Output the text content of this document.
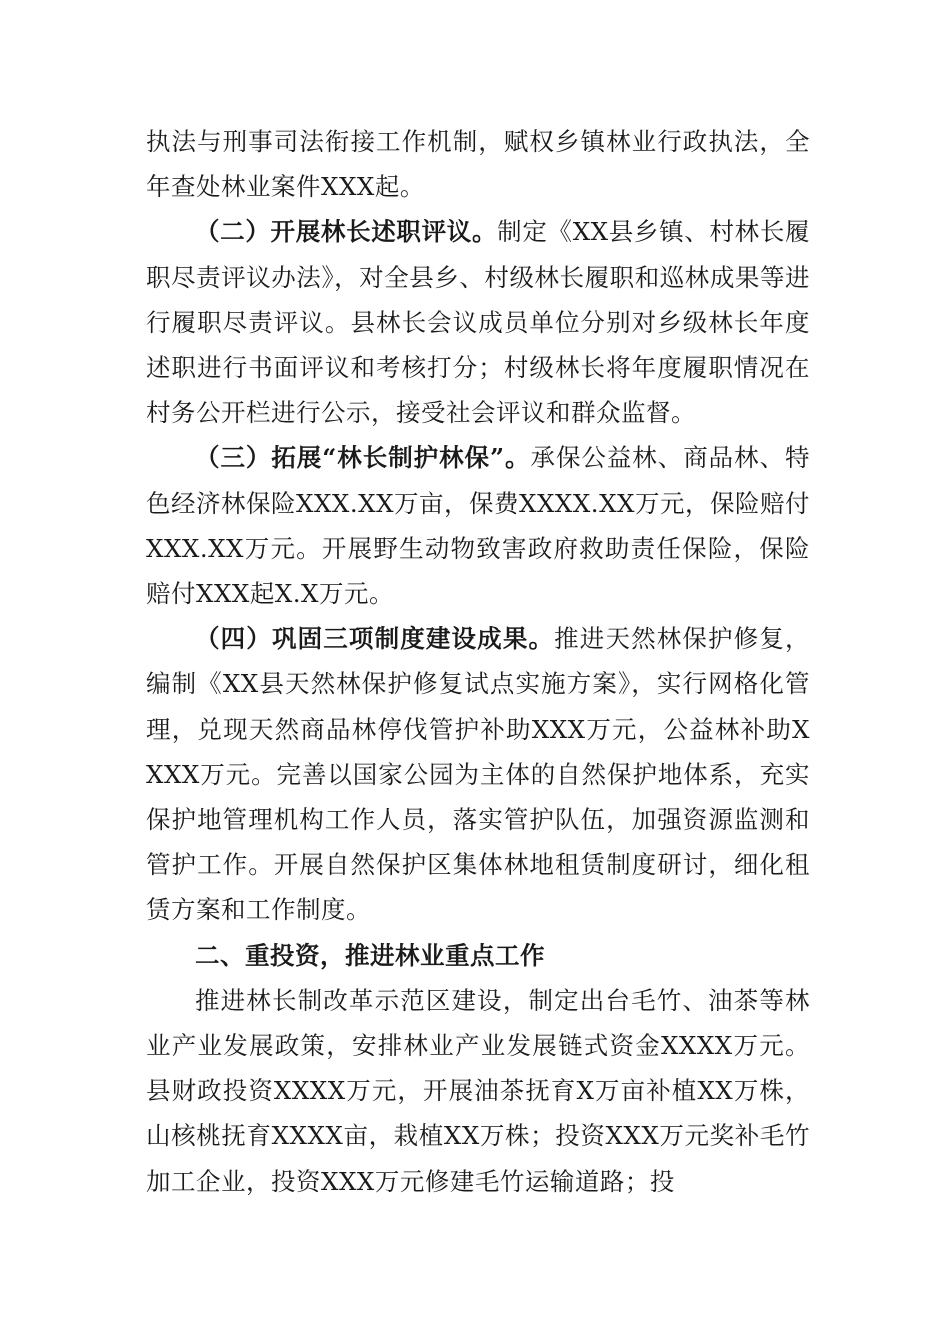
执法与刑事司法衔接工作机制，赋权乡镇林业行政执法，全年查处林业案件XXX起。

（二）开展林长述职评议。制定《XX县乡镇、村林长履职尽责评议办法》，对全县乡、村级林长履职和巡林成果等进行履职尽责评议。县林长会议成员单位分别对乡级林长年度述职进行书面评议和考核打分；村级林长将年度履职情况在村务公开栏进行公示，接受社会评议和群众监督。

（三）拓展“林长制护林保”。承保公益林、商品林、特色经济林保险XXX.XX万亩，保费XXXX.XX万元，保险赔付XXX.XX万元。开展野生动物致害政府救助责任保险，保险赔付XXX起X.X万元。

（四）巩固三项制度建设成果。推进天然林保护修复，编制《XX县天然林保护修复试点实施方案》，实行网格化管理，兑现天然商品林停伐管护补助XXX万元，公益林补助XXXX万元。完善以国家公园为主体的自然保护地体系，充实保护地管理机构工作人员，落实管护队伍，加强资源监测和管护工作。开展自然保护区集体林地租赁制度研讨，细化租赁方案和工作制度。

二、重投资，推进林业重点工作

推进林长制改革示范区建设，制定出台毛竹、油茶等林业产业发展政策，安排林业产业发展链式资金XXXX万元。县财政投资XXXX万元，开展油茶抚育X万亩补植XX万株，山核桃抚育XXXX亩，栽植XX万株；投资XXX万元奖补毛竹加工企业，投资XXX万元修建毛竹运输道路；投
